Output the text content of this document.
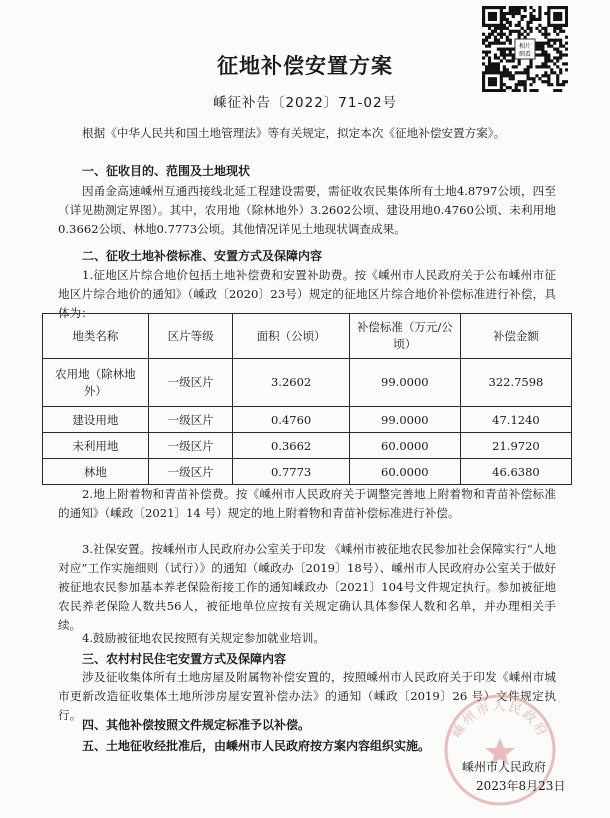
相片
细看
征地补偿安置方案
嵊征补告〔2022〕71-02号

根据《中华人民共和国土地管理法》等有关规定，拟定本次《征地补偿安置方案》。

一、征收目的、范围及土地现状

因甬金高速嵊州互通西接线北延工程建设需要，需征收农民集体所有土地4.8797公顷，四至（详见勘测定界图）。其中，农用地（除林地外）3.2602公顷、建设用地0.4760公顷、未利用地0.3662公顷、林地0.7773公顷。其他情况详见土地现状调查成果。

二、征收土地补偿标准、安置方式及保障内容

1.征地区片综合地价包括土地补偿费和安置补助费。按《嵊州市人民政府关于公布嵊州市征地区片综合地价的通知》（嵊政〔2020〕23号）规定的征地区片综合地价补偿标准进行补偿，具体为：

地类名称	区片等级	面积（公顷）	补偿标准（万元/公顷）	补偿金额
农用地（除林地外）	一级区片	3.2602	99.0000	322.7598
建设用地	一级区片	0.4760	99.0000	47.1240
未利用地	一级区片	0.3662	60.0000	21.9720
林地	一级区片	0.7773	60.0000	46.6380

2.地上附着物和青苗补偿费。按《嵊州市人民政府关于调整完善地上附着物和青苗补偿标准的通知》（嵊政〔2021〕14 号）规定的地上附着物和青苗补偿标准进行补偿。

3.社保安置。按嵊州市人民政府办公室关于印发 《嵊州市被征地农民参加社会保障实行“人地对应”工作实施细则（试行）》的通知（嵊政办〔2019〕18号）、嵊州市人民政府办公室关于做好 被征地农民参加基本养老保险衔接工作的通知嵊政办〔2021〕104号文件规定执行。参加被征地农民养老保险人数共56人，被征地单位应按有关规定确认具体参保人数和名单，并办理相关手续。

4.鼓励被征地农民按照有关规定参加就业培训。

三、农村村民住宅安置方式及保障内容

涉及征收集体所有土地房屋及附属物补偿安置的，按照嵊州市人民政府关于印发《嵊州市城市更新改造征收集体土地所涉房屋安置补偿办法》的通知（嵊政〔2019〕26 号）文件规定执行。

四、其他补偿按照文件规定标准予以补偿。

五、土地征收经批准后，由嵊州市人民政府按方案内容组织实施。

嵊州市人民政府
嵊州市人民政府
2023年8月23日
